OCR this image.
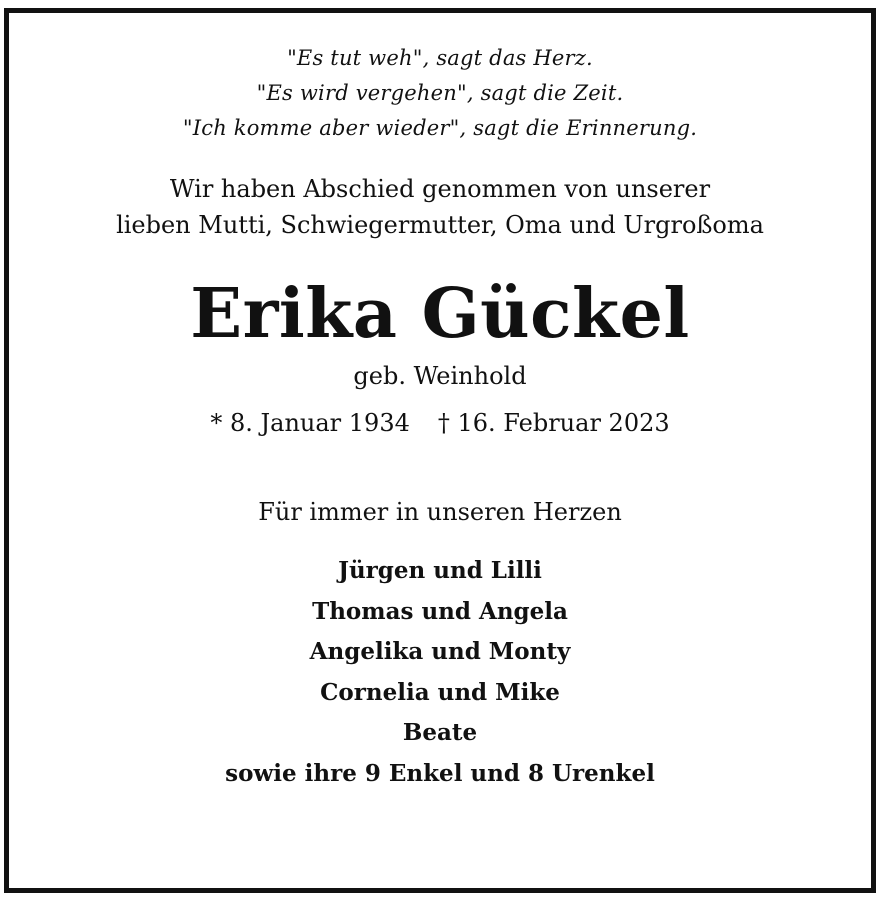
"Es tut weh", sagt das Herz.
"Es wird vergehen", sagt die Zeit.
"Ich komme aber wieder", sagt die Erinnerung.
Wir haben Abschied genommen von unserer
lieben Mutti, Schwiegermutter, Oma und Urgroßoma
Erika Gückel
geb. Weinhold
* 8. Januar 1934 † 16. Februar 2023
Für immer in unseren Herzen
Jürgen und Lilli
Thomas und Angela
Angelika und Monty
Cornelia und Mike
Beate
sowie ihre 9 Enkel und 8 Urenkel
